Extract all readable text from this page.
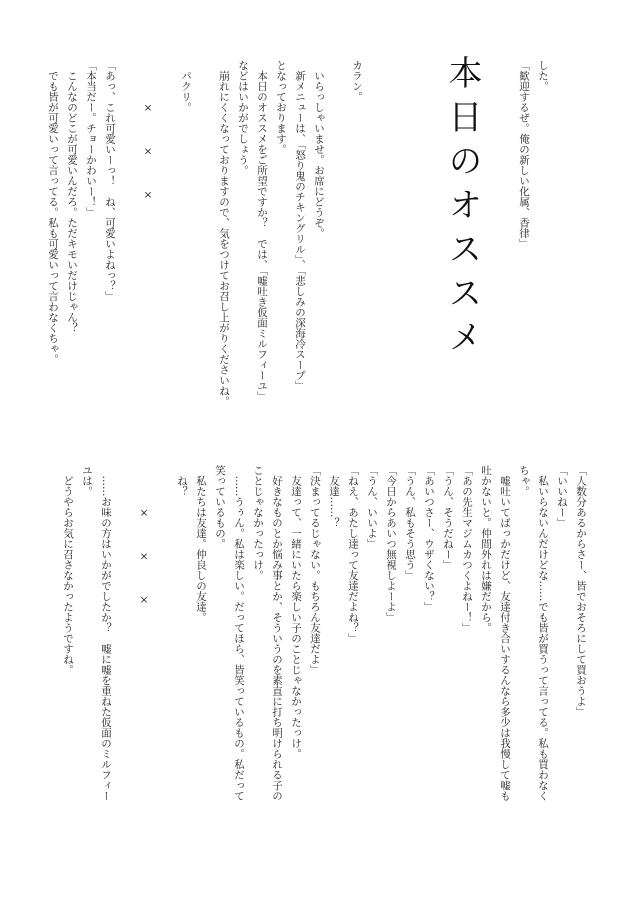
した。
「歓迎するぜ。俺の新しい化属、香律」

カラン。

　いらっしゃいませ。お席にどうぞ。
　新メニューは、「怒り鬼のチキングリル」、「悲しみの深海冷スープ」
となっております。
　本日のオススメをご所望ですか？　では、「嘘吐き仮面ミルフィーユ」
などはいかがでしょう。
　崩れにくくなっておりますので、気をつけてお召し上がりくださいね。

　パクリ。

　　　　×　　　×　　　×

「あっ、これ可愛いーっ！　ね、可愛いよねっ？」
「本当だー。チョーかわいー！」
　こんなのどこが可愛いんだろ。ただキモいだけじゃん？
　でも皆が可愛いって言ってる。私も可愛いって言わなくちゃ。

	本日のオススメ
「人数分あるからさー、皆でおそろにして買おうよ」
「いいねー」
　私いらないんだけどな……でも皆が買うって言ってる。私も買わなく
ちゃ。
　嘘吐いてばっかだけど、友達付き合いするんなら多少は我慢して嘘も
吐かないと。仲間外れは嫌だから。
「あの先生マジムカつくよねー！」
「うん、そうだねー」
「あいつさー、ウザくない？」
「うん、私もそう思う」
「今日からあいつ無視しよーよ」
「うん、いいよ」
「ねえ、あたし達って友達だよね？」
　友達……？
「決まってるじゃない。もちろん友達だよ」
　友達って、一緒にいたら楽しい子のことじゃなかったっけ。
　好きなものとか悩み事とか、そういうのを素直に打ち明けられる子の
ことじゃなかったっけ。
　……うぅん。私は楽しい。だってほら、皆笑っているもの。私だって
笑っているもの。
　私たちは友達。仲良しの友達。
　ね？

　　　　×　　　×　　　×

　……お味の方はいかがでしたか？　嘘に嘘を重ねた仮面のミルフィー
ユは。
　どうやらお気に召さなかったようですね。
